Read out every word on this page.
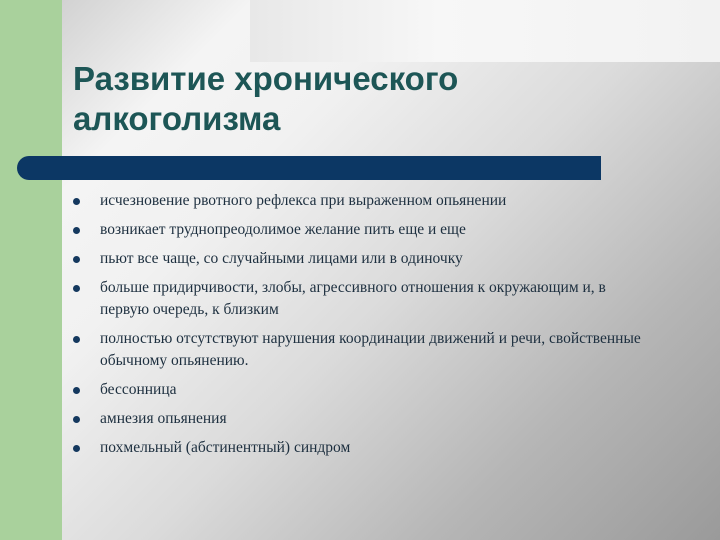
Развитие хронического алкоголизма
исчезновение рвотного рефлекса при выраженном опьянении
возникает труднопреодолимое желание пить еще и еще
пьют все чаще, со случайными лицами или в одиночку
больше придирчивости, злобы, агрессивного отношения к окружающим и, в первую очередь, к близким
полностью отсутствуют нарушения координации движений и речи, свойственные обычному опьянению.
бессонница
амнезия опьянения
похмельный (абстинентный) синдром
